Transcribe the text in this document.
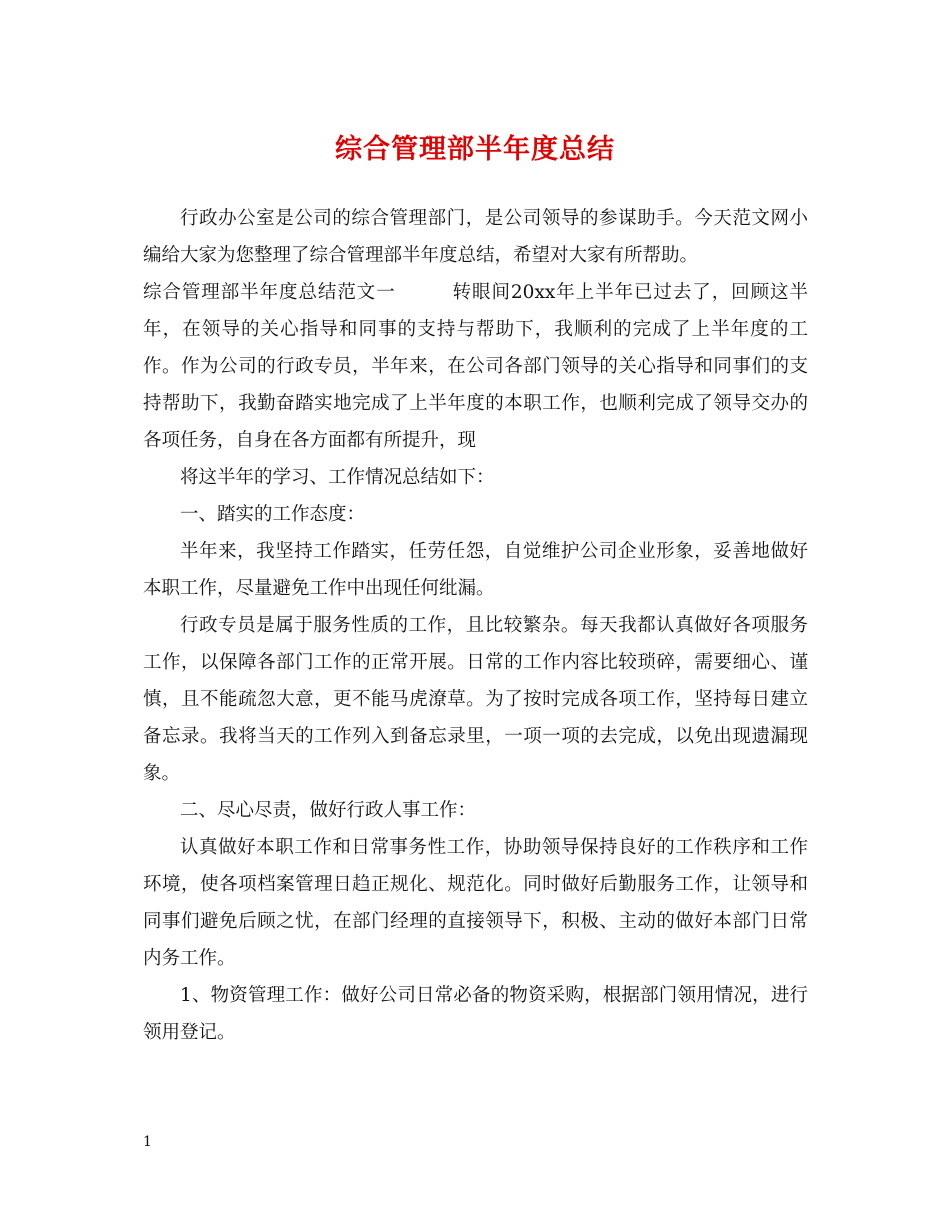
综合管理部半年度总结

行政办公室是公司的综合管理部门，是公司领导的参谋助手。今天范文网小编给大家为您整理了综合管理部半年度总结，希望对大家有所帮助。

综合管理部半年度总结范文一	转眼间20xx年上半年已过去了，回顾这半年，在领导的关心指导和同事的支持与帮助下，我顺利的完成了上半年度的工作。作为公司的行政专员，半年来，在公司各部门领导的关心指导和同事们的支持帮助下，我勤奋踏实地完成了上半年度的本职工作，也顺利完成了领导交办的各项任务，自身在各方面都有所提升，现

将这半年的学习、工作情况总结如下：

一、踏实的工作态度：

半年来，我坚持工作踏实，任劳任怨，自觉维护公司企业形象，妥善地做好本职工作，尽量避免工作中出现任何纰漏。

行政专员是属于服务性质的工作，且比较繁杂。每天我都认真做好各项服务工作，以保障各部门工作的正常开展。日常的工作内容比较琐碎，需要细心、谨慎，且不能疏忽大意，更不能马虎潦草。为了按时完成各项工作，坚持每日建立备忘录。我将当天的工作列入到备忘录里，一项一项的去完成，以免出现遗漏现象。

二、尽心尽责，做好行政人事工作：

认真做好本职工作和日常事务性工作，协助领导保持良好的工作秩序和工作环境，使各项档案管理日趋正规化、规范化。同时做好后勤服务工作，让领导和同事们避免后顾之忧，在部门经理的直接领导下，积极、主动的做好本部门日常内务工作。

1、物资管理工作：做好公司日常必备的物资采购，根据部门领用情况，进行领用登记。

1
